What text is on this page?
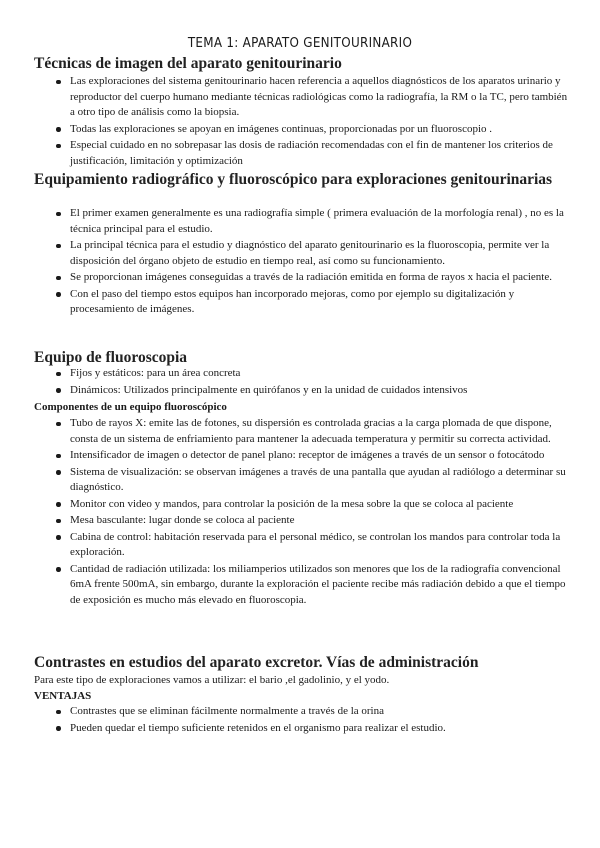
TEMA 1: APARATO GENITOURINARIO
Técnicas de imagen del aparato genitourinario
Las exploraciones del sistema genitourinario hacen referencia a aquellos diagnósticos de los aparatos urinario y reproductor del cuerpo humano mediante técnicas radiológicas como la radiografía, la RM o la TC, pero también a otro tipo de análisis como la biopsia.
Todas las exploraciones se apoyan en imágenes continuas, proporcionadas por un fluoroscopio .
Especial cuidado en no sobrepasar las dosis de radiación recomendadas con el fin de mantener los criterios de justificación, limitación y optimización
Equipamiento radiográfico y fluoroscópico para exploraciones genitourinarias
El primer examen generalmente es una radiografía simple ( primera evaluación de la morfología renal) , no es la técnica principal para el estudio.
La principal técnica para el estudio y diagnóstico del aparato genitourinario es la fluoroscopia, permite ver la disposición del órgano objeto de estudio en tiempo real, así como su funcionamiento.
Se proporcionan imágenes conseguidas a través de la radiación emitida en forma de rayos x hacia el paciente.
Con el paso del tiempo estos equipos han incorporado mejoras, como por ejemplo su digitalización y procesamiento de imágenes.
Equipo de fluoroscopia
Fijos y estáticos: para un área concreta
Dinámicos: Utilizados principalmente en quirófanos y en la unidad de cuidados intensivos
Componentes de un equipo fluoroscópico
Tubo de rayos X: emite las de fotones, su dispersión es controlada gracias a la carga plomada de que dispone, consta de un sistema de enfriamiento para mantener la adecuada temperatura y permitir su correcta actividad.
Intensificador de imagen o detector de panel plano: receptor de imágenes a través de un sensor o fotocátodo
Sistema de visualización: se observan imágenes a través de una pantalla que ayudan al radiólogo a determinar su diagnóstico.
Monitor con video y mandos, para controlar la posición de la mesa sobre la que se coloca al paciente
Mesa basculante: lugar donde se coloca al paciente
Cabina de control: habitación reservada para el personal médico, se controlan los mandos para controlar toda la exploración.
Cantidad de radiación utilizada: los miliamperios utilizados son menores que los de la radiografía convencional 6mA frente 500mA, sin embargo, durante la exploración el paciente recibe más radiación debido a que el tiempo de exposición es mucho más elevado en fluoroscopia.
Contrastes en estudios del aparato excretor. Vías de administración
Para este tipo de exploraciones vamos a utilizar: el bario ,el gadolinio, y el yodo.
VENTAJAS
Contrastes que se eliminan fácilmente normalmente a través de la orina
Pueden quedar el tiempo suficiente retenidos en el organismo para realizar el estudio.
